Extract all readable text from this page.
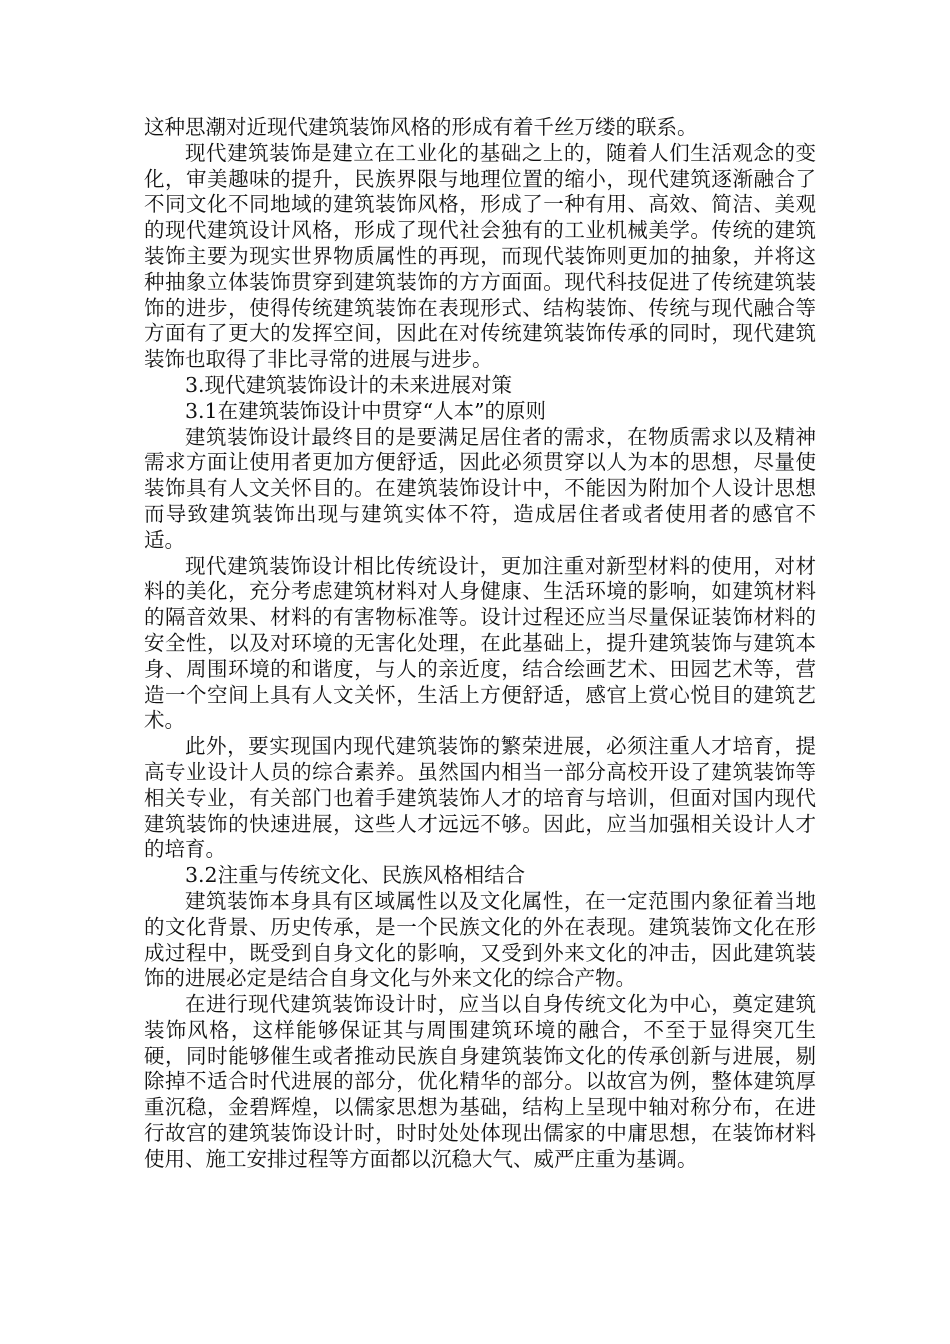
这种思潮对近现代建筑装饰风格的形成有着千丝万缕的联系。

现代建筑装饰是建立在工业化的基础之上的，随着人们生活观念的变化，审美趣味的提升，民族界限与地理位置的缩小，现代建筑逐渐融合了不同文化不同地域的建筑装饰风格，形成了一种有用、高效、简洁、美观的现代建筑设计风格，形成了现代社会独有的工业机械美学。传统的建筑装饰主要为现实世界物质属性的再现，而现代装饰则更加的抽象，并将这种抽象立体装饰贯穿到建筑装饰的方方面面。现代科技促进了传统建筑装饰的进步，使得传统建筑装饰在表现形式、结构装饰、传统与现代融合等方面有了更大的发挥空间，因此在对传统建筑装饰传承的同时，现代建筑装饰也取得了非比寻常的进展与进步。

3.现代建筑装饰设计的未来进展对策

3.1在建筑装饰设计中贯穿“人本”的原则

建筑装饰设计最终目的是要满足居住者的需求，在物质需求以及精神需求方面让使用者更加方便舒适，因此必须贯穿以人为本的思想，尽量使装饰具有人文关怀目的。在建筑装饰设计中，不能因为附加个人设计思想而导致建筑装饰出现与建筑实体不符，造成居住者或者使用者的感官不适。

现代建筑装饰设计相比传统设计，更加注重对新型材料的使用，对材料的美化，充分考虑建筑材料对人身健康、生活环境的影响，如建筑材料的隔音效果、材料的有害物标准等。设计过程还应当尽量保证装饰材料的安全性，以及对环境的无害化处理，在此基础上，提升建筑装饰与建筑本身、周围环境的和谐度，与人的亲近度，结合绘画艺术、田园艺术等，营造一个空间上具有人文关怀，生活上方便舒适，感官上赏心悦目的建筑艺术。

此外，要实现国内现代建筑装饰的繁荣进展，必须注重人才培育，提高专业设计人员的综合素养。虽然国内相当一部分高校开设了建筑装饰等相关专业，有关部门也着手建筑装饰人才的培育与培训，但面对国内现代建筑装饰的快速进展，这些人才远远不够。因此，应当加强相关设计人才的培育。

3.2注重与传统文化、民族风格相结合

建筑装饰本身具有区域属性以及文化属性，在一定范围内象征着当地的文化背景、历史传承，是一个民族文化的外在表现。建筑装饰文化在形成过程中，既受到自身文化的影响，又受到外来文化的冲击，因此建筑装饰的进展必定是结合自身文化与外来文化的综合产物。

在进行现代建筑装饰设计时，应当以自身传统文化为中心，奠定建筑装饰风格，这样能够保证其与周围建筑环境的融合，不至于显得突兀生硬，同时能够催生或者推动民族自身建筑装饰文化的传承创新与进展，剔除掉不适合时代进展的部分，优化精华的部分。以故宫为例，整体建筑厚重沉稳，金碧辉煌，以儒家思想为基础，结构上呈现中轴对称分布，在进行故宫的建筑装饰设计时，时时处处体现出儒家的中庸思想，在装饰材料使用、施工安排过程等方面都以沉稳大气、威严庄重为基调。
